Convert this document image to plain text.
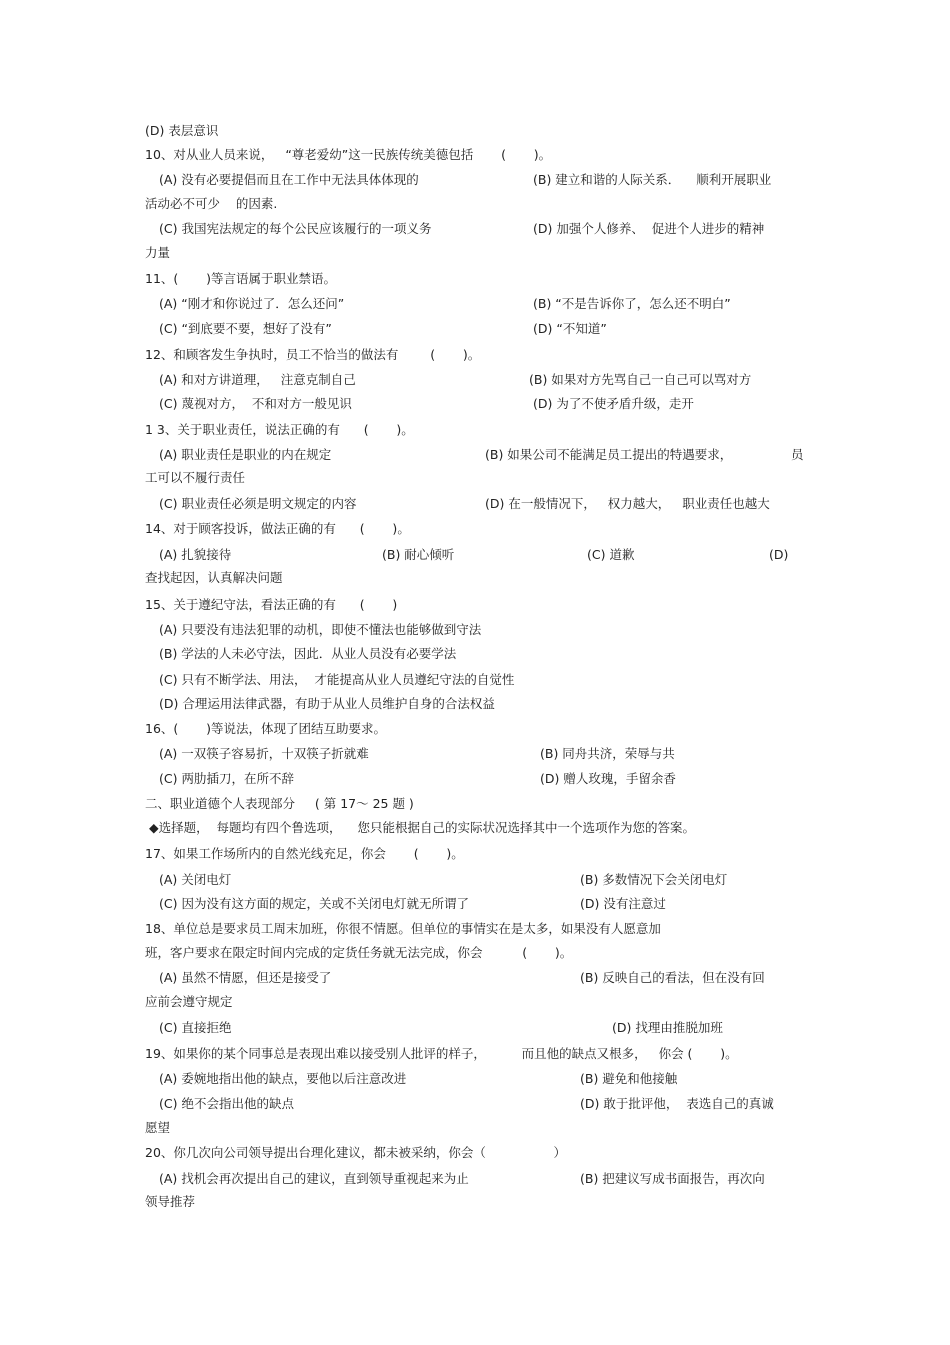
(D) 表层意识
10、对从业人员来说，   “尊老爱幼”这一民族传统美德包括       (       )。
(A) 没有必要提倡而且在工作中无法具体体现的	(B) 建立和谐的人际关系．    顺利开展职业
活动必不可少    的因素.
(C) 我国宪法规定的每个公民应该履行的一项义务	(D) 加强个人修养、  促进个人进步的精神
力量
11、(       )等言语属于职业禁语。
(A) “刚才和你说过了．怎么还问”	(B) “不是告诉你了，怎么还不明白”
(C) “到底要不要，想好了没有”	(D) “不知道”
12、和顾客发生争执时，员工不恰当的做法有        (       )。
(A) 和对方讲道理，   注意克制自己	(B) 如果对方先骂自己一自己可以骂对方
(C) 蔑视对方，  不和对方一般见识	(D) 为了不使矛盾升级，走开
1 3、关于职业责任，说法正确的有      (       )。
(A) 职业责任是职业的内在规定	(B) 如果公司不能满足员工提出的特遇要求，	员
工可以不履行责任
(C) 职业责任必须是明文规定的内容	(D) 在一般情况下，   权力越大，   职业责任也越大
14、对于顾客投诉，做法正确的有      (       )。
(A) 扎貌接待	(B) 耐心倾听	(C) 道歉	(D)
查找起因，认真解决问题
15、关于遵纪守法，看法正确的有      (       )
(A) 只要没有违法犯罪的动机，即使不懂法也能够做到守法
(B) 学法的人未必守法，因此．从业人员没有必要学法
(C) 只有不断学法、用法，  才能提高从业人员遵纪守法的自觉性
(D) 合理运用法律武器，有助于从业人员维护自身的合法权益
16、(       )等说法，体现了团结互助要求。
(A) 一双筷子容易折，十双筷子折就难	(B) 同舟共济，荣辱与共
(C) 两肋插刀，在所不辞	(D) 赠人玫瑰，手留余香
二、职业道德个人表现部分     ( 第 17～ 25 题 )
◆选择题，  每题均有四个鲁选项，    您只能根据自己的实际状况选择其中一个选项作为您的答案。
17、如果工作场所内的自然光线充足，你会       (       )。
(A) 关闭电灯	(B) 多数情况下会关闭电灯
(C) 因为没有这方面的规定，关或不关闭电灯就无所谓了	(D) 没有注意过
18、单位总是要求员工周末加班，你很不情愿。但单位的事情实在是太多，如果没有人愿意加
班，客户要求在限定时间内完成的定货任务就无法完成，你会          (       )。
(A) 虽然不情愿，但还是接受了	(B) 反映自己的看法，但在没有回
应前会遵守规定
(C) 直接拒绝	(D) 找理由推脱加班
19、如果你的某个同事总是表现出难以接受别人批评的样子，         而且他的缺点又根多，   你会 (       )。
(A) 委婉地指出他的缺点，要他以后注意改进	(B) 避免和他接触
(C) 绝不会指出他的缺点	(D) 敢于批评他，  表选自己的真诚
愿望
20、你几次向公司领导提出台理化建议，都未被采纳，你会（                 ）
(A) 找机会再次提出自己的建议，直到领导重视起来为止	(B) 把建议写成书面报告，再次向
领导推荐
